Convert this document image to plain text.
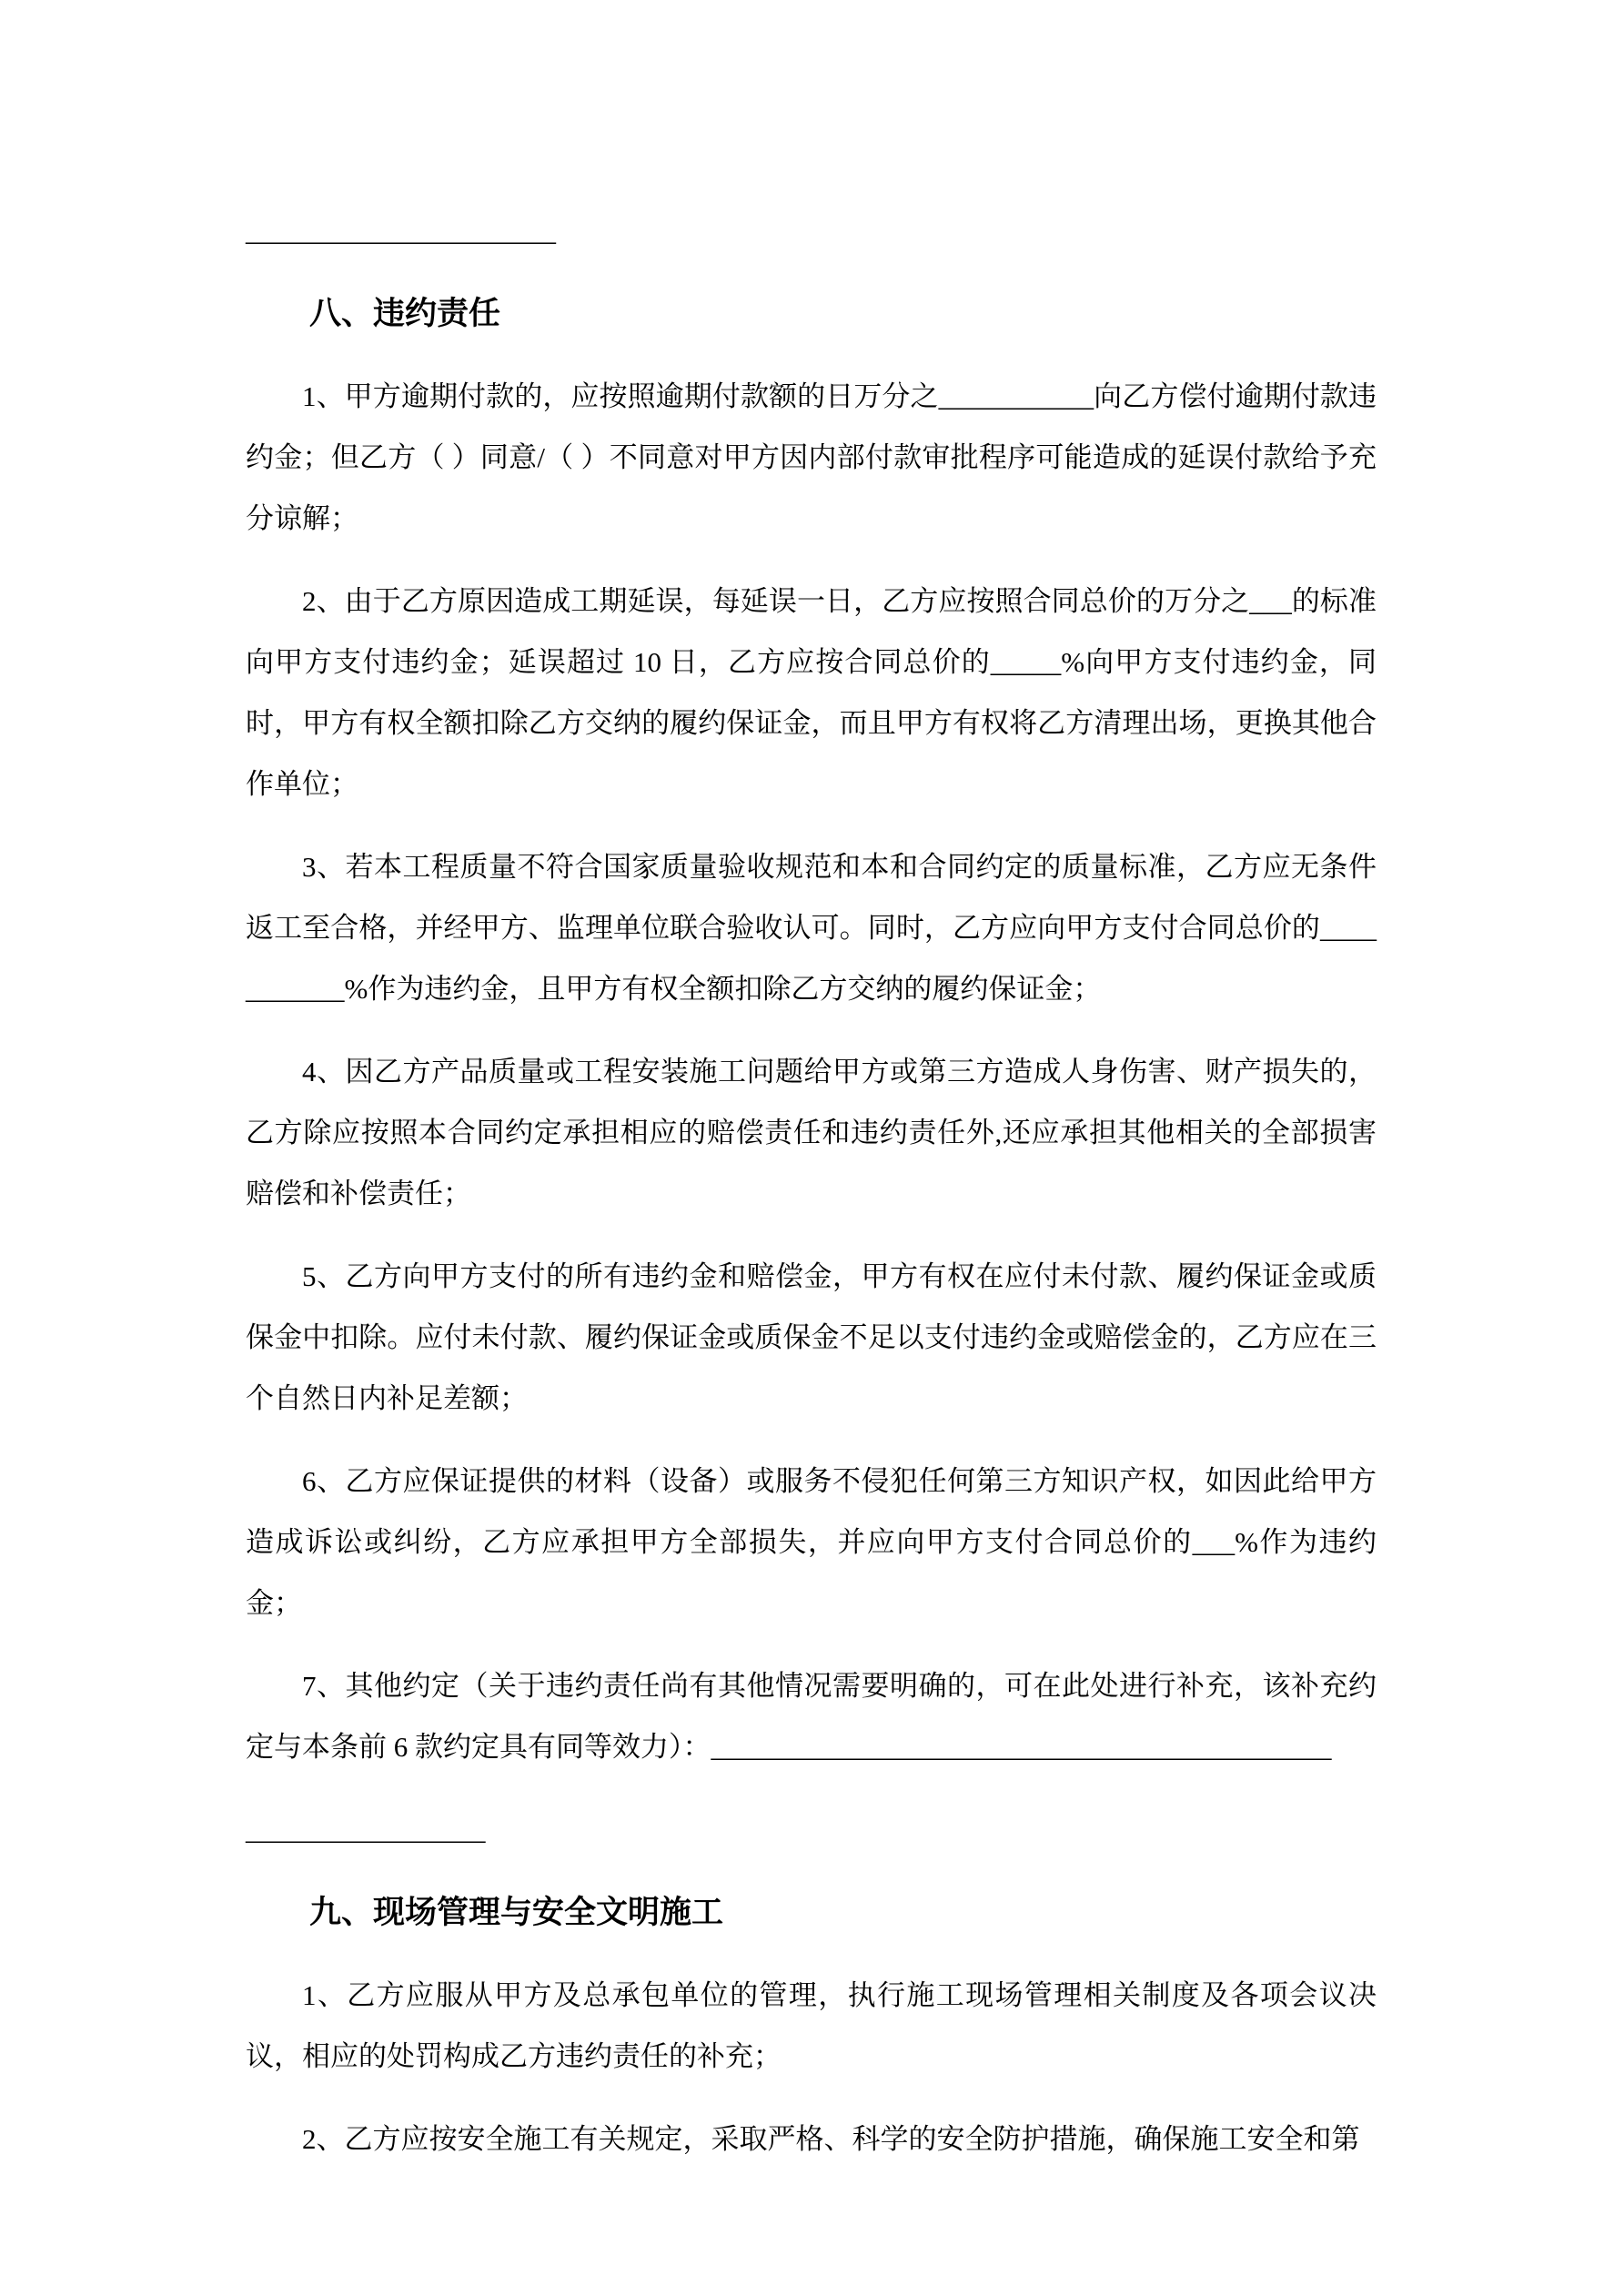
______________________

八、违约责任

1、甲方逾期付款的，应按照逾期付款额的日万分之___________向乙方偿付逾期付款违约金；但乙方（ ）同意/（ ）不同意对甲方因内部付款审批程序可能造成的延误付款给予充分谅解；

2、由于乙方原因造成工期延误，每延误一日，乙方应按照合同总价的万分之___的标准向甲方支付违约金；延误超过 10 日，乙方应按合同总价的_____%向甲方支付违约金，同时，甲方有权全额扣除乙方交纳的履约保证金，而且甲方有权将乙方清理出场，更换其他合作单位；

3、若本工程质量不符合国家质量验收规范和本和合同约定的质量标准，乙方应无条件返工至合格，并经甲方、监理单位联合验收认可。同时，乙方应向甲方支付合同总价的___________%作为违约金，且甲方有权全额扣除乙方交纳的履约保证金；

4、因乙方产品质量或工程安装施工问题给甲方或第三方造成人身伤害、财产损失的，乙方除应按照本合同约定承担相应的赔偿责任和违约责任外,还应承担其他相关的全部损害赔偿和补偿责任；

5、乙方向甲方支付的所有违约金和赔偿金，甲方有权在应付未付款、履约保证金或质保金中扣除。应付未付款、履约保证金或质保金不足以支付违约金或赔偿金的，乙方应在三个自然日内补足差额；

6、乙方应保证提供的材料（设备）或服务不侵犯任何第三方知识产权，如因此给甲方造成诉讼或纠纷，乙方应承担甲方全部损失，并应向甲方支付合同总价的___%作为违约金；

7、其他约定（关于违约责任尚有其他情况需要明确的，可在此处进行补充，该补充约定与本条前 6 款约定具有同等效力）：____________________________________________

_________________

九、现场管理与安全文明施工

1、乙方应服从甲方及总承包单位的管理，执行施工现场管理相关制度及各项会议决议，相应的处罚构成乙方违约责任的补充；

2、乙方应按安全施工有关规定，采取严格、科学的安全防护措施，确保施工安全和第
